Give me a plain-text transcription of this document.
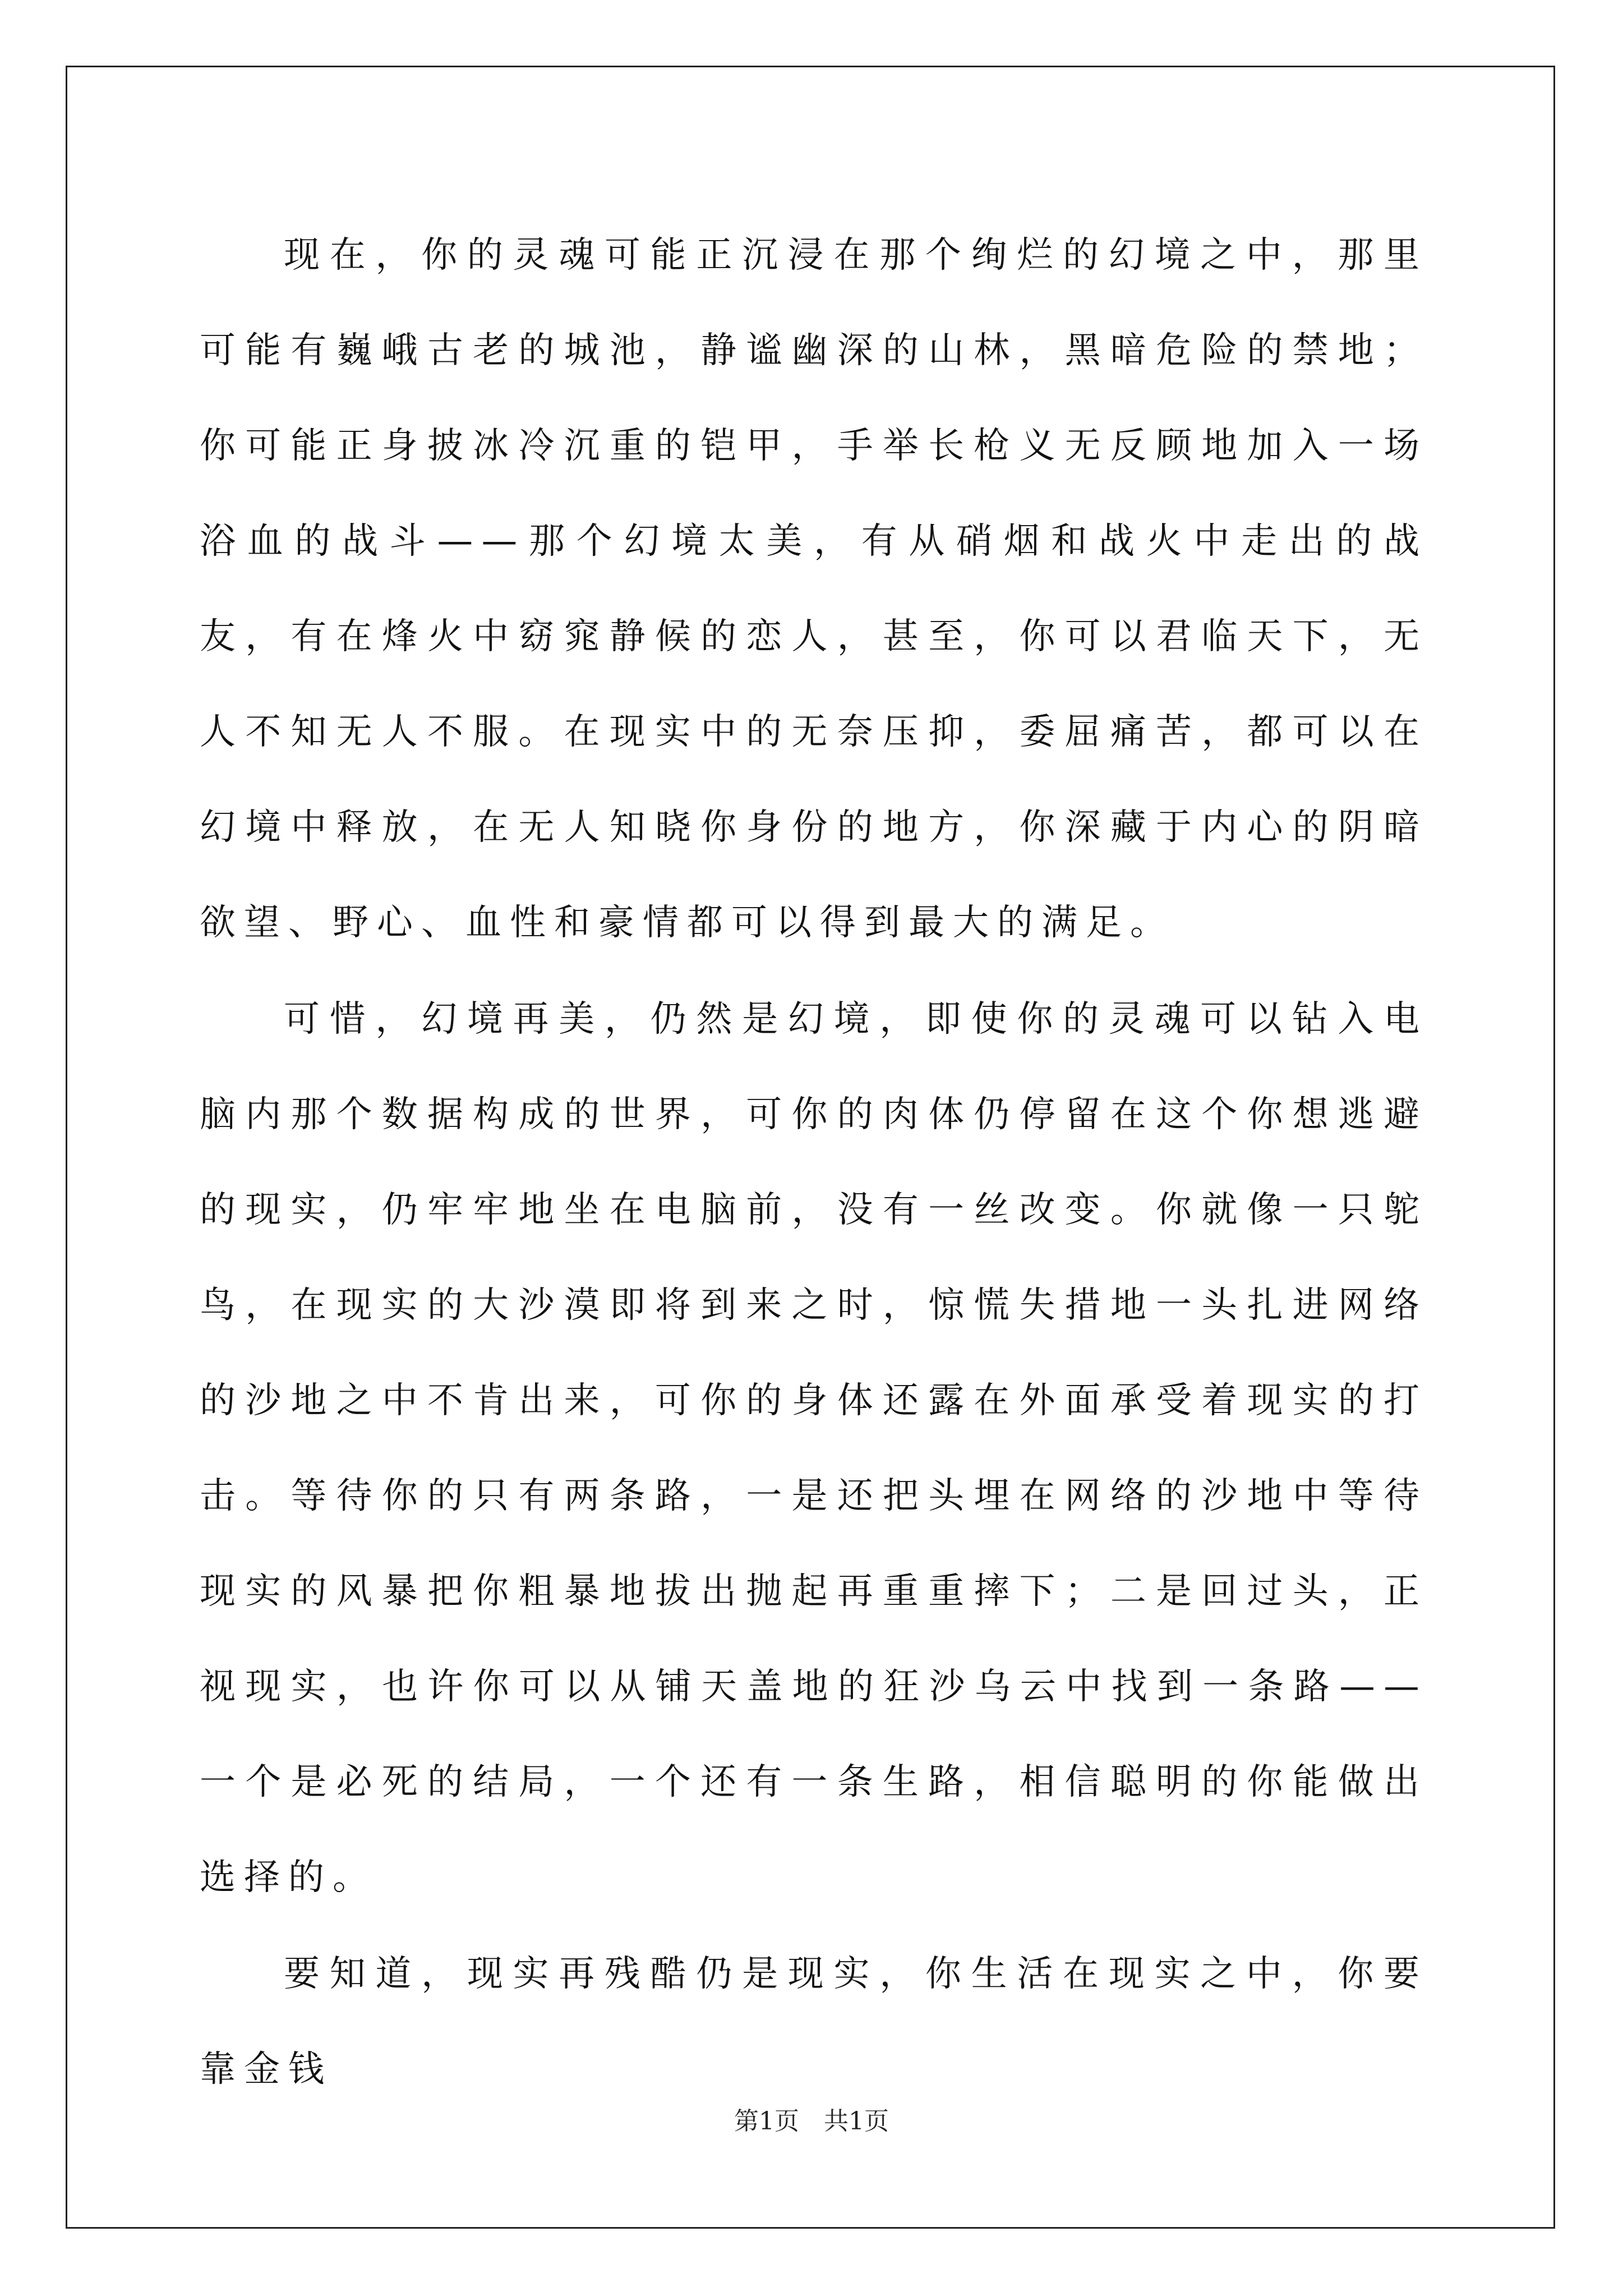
现在，你的灵魂可能正沉浸在那个绚烂的幻境之中，那里可能有巍峨古老的城池，静谧幽深的山林，黑暗危险的禁地；你可能正身披冰冷沉重的铠甲，手举长枪义无反顾地加入一场浴血的战斗——那个幻境太美，有从硝烟和战火中走出的战友，有在烽火中窈窕静候的恋人，甚至，你可以君临天下，无人不知无人不服。在现实中的无奈压抑，委屈痛苦，都可以在幻境中释放，在无人知晓你身份的地方，你深藏于内心的阴暗欲望、野心、血性和豪情都可以得到最大的满足。

可惜，幻境再美，仍然是幻境，即使你的灵魂可以钻入电脑内那个数据构成的世界，可你的肉体仍停留在这个你想逃避的现实，仍牢牢地坐在电脑前，没有一丝改变。你就像一只鸵鸟，在现实的大沙漠即将到来之时，惊慌失措地一头扎进网络的沙地之中不肯出来，可你的身体还露在外面承受着现实的打击。等待你的只有两条路，一是还把头埋在网络的沙地中等待现实的风暴把你粗暴地拔出抛起再重重摔下；二是回过头，正视现实，也许你可以从铺天盖地的狂沙乌云中找到一条路——一个是必死的结局，一个还有一条生路，相信聪明的你能做出选择的。

要知道，现实再残酷仍是现实，你生活在现实之中，你要靠金钱

第1页 共1页
